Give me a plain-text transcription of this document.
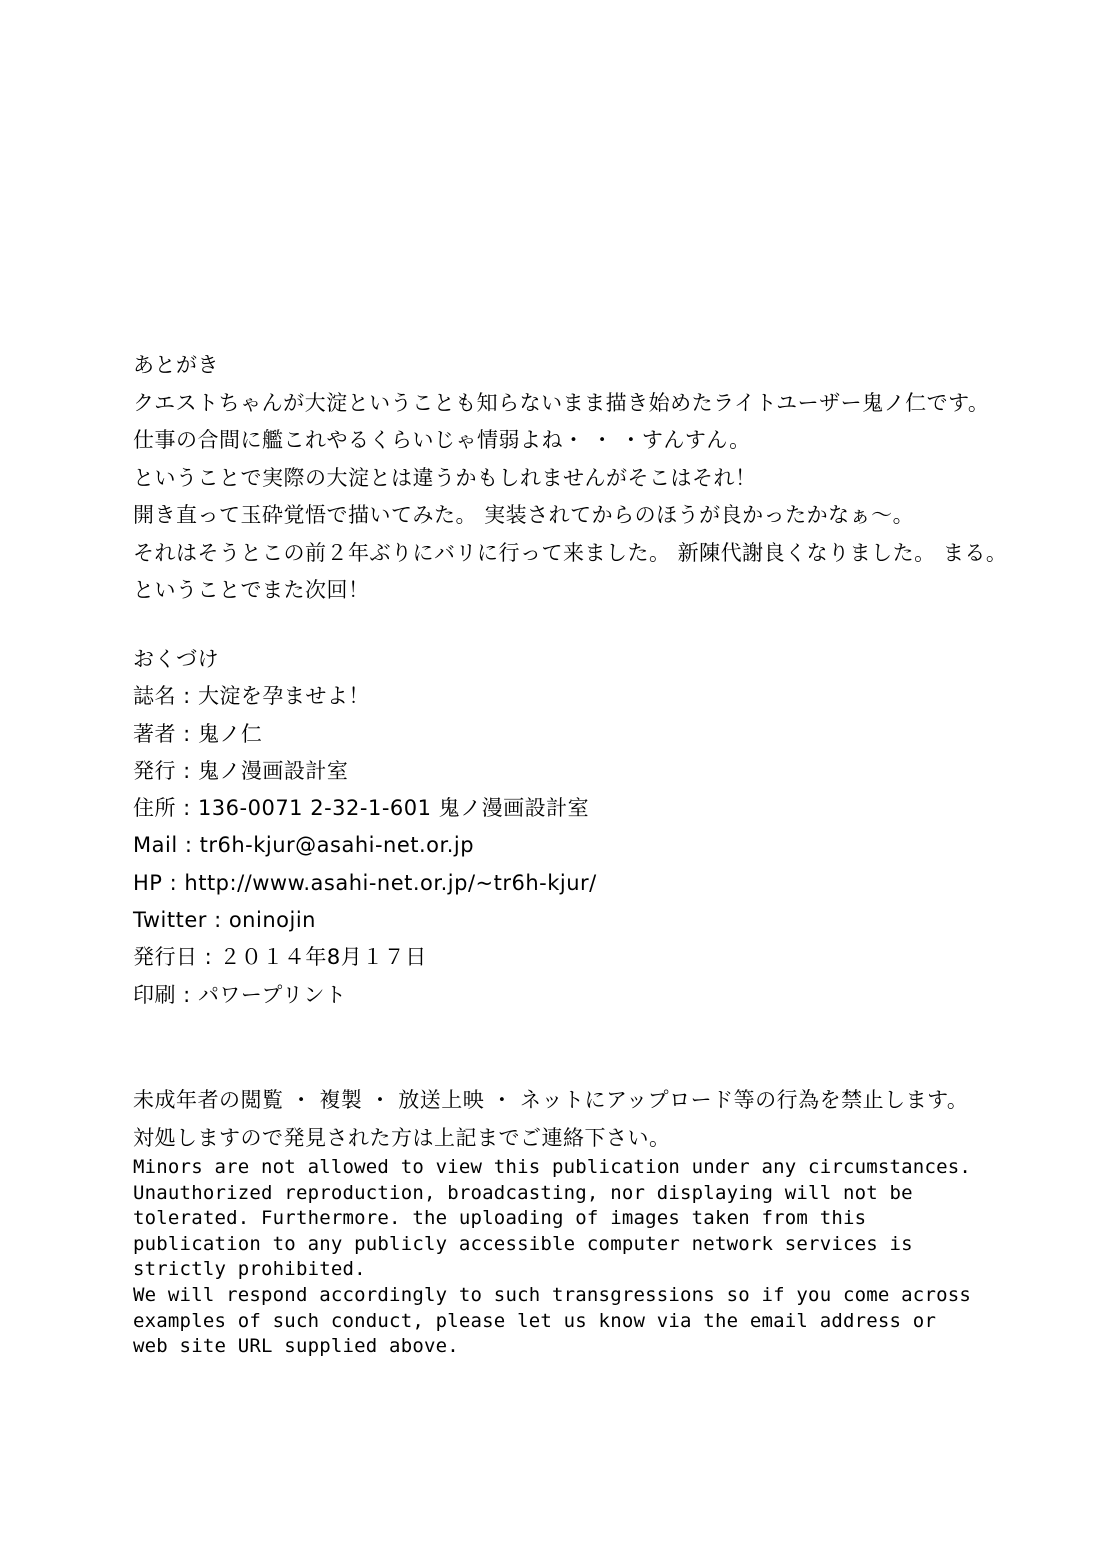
あとがき
クエストちゃんが大淀ということも知らないまま描き始めたライトユーザー鬼ノ仁です。
仕事の合間に艦これやるくらいじゃ情弱よね・ ・ ・すんすん。
ということで実際の大淀とは違うかもしれませんがそこはそれ！
開き直って玉砕覚悟で描いてみた。 実装されてからのほうが良かったかなぁ～。
それはそうとこの前２年ぶりにバリに行って来ました。 新陳代謝良くなりました。 まる。
ということでまた次回！
おくづけ
誌名 : 大淀を孕ませよ！
著者 : 鬼ノ仁
発行 : 鬼ノ漫画設計室
住所 : 136-0071 2-32-1-601 鬼ノ漫画設計室
Mail : tr6h-kjur@asahi-net.or.jp
HP : http://www.asahi-net.or.jp/~tr6h-kjur/
Twitter : oninojin
発行日 : ２０１４年8月１７日
印刷 : パワープリント
未成年者の閲覧 ・ 複製 ・ 放送上映 ・ ネットにアップロード等の行為を禁止します。
対処しますので発見された方は上記までご連絡下さい。
Minors are not allowed to view this publication under any circumstances.
Unauthorized reproduction, broadcasting, nor displaying will not be
tolerated. Furthermore. the uploading of images taken from this
publication to any publicly accessible computer network services is
strictly prohibited.
We will respond accordingly to such transgressions so if you come across
examples of such conduct, please let us know via the email address or
web site URL supplied above.
